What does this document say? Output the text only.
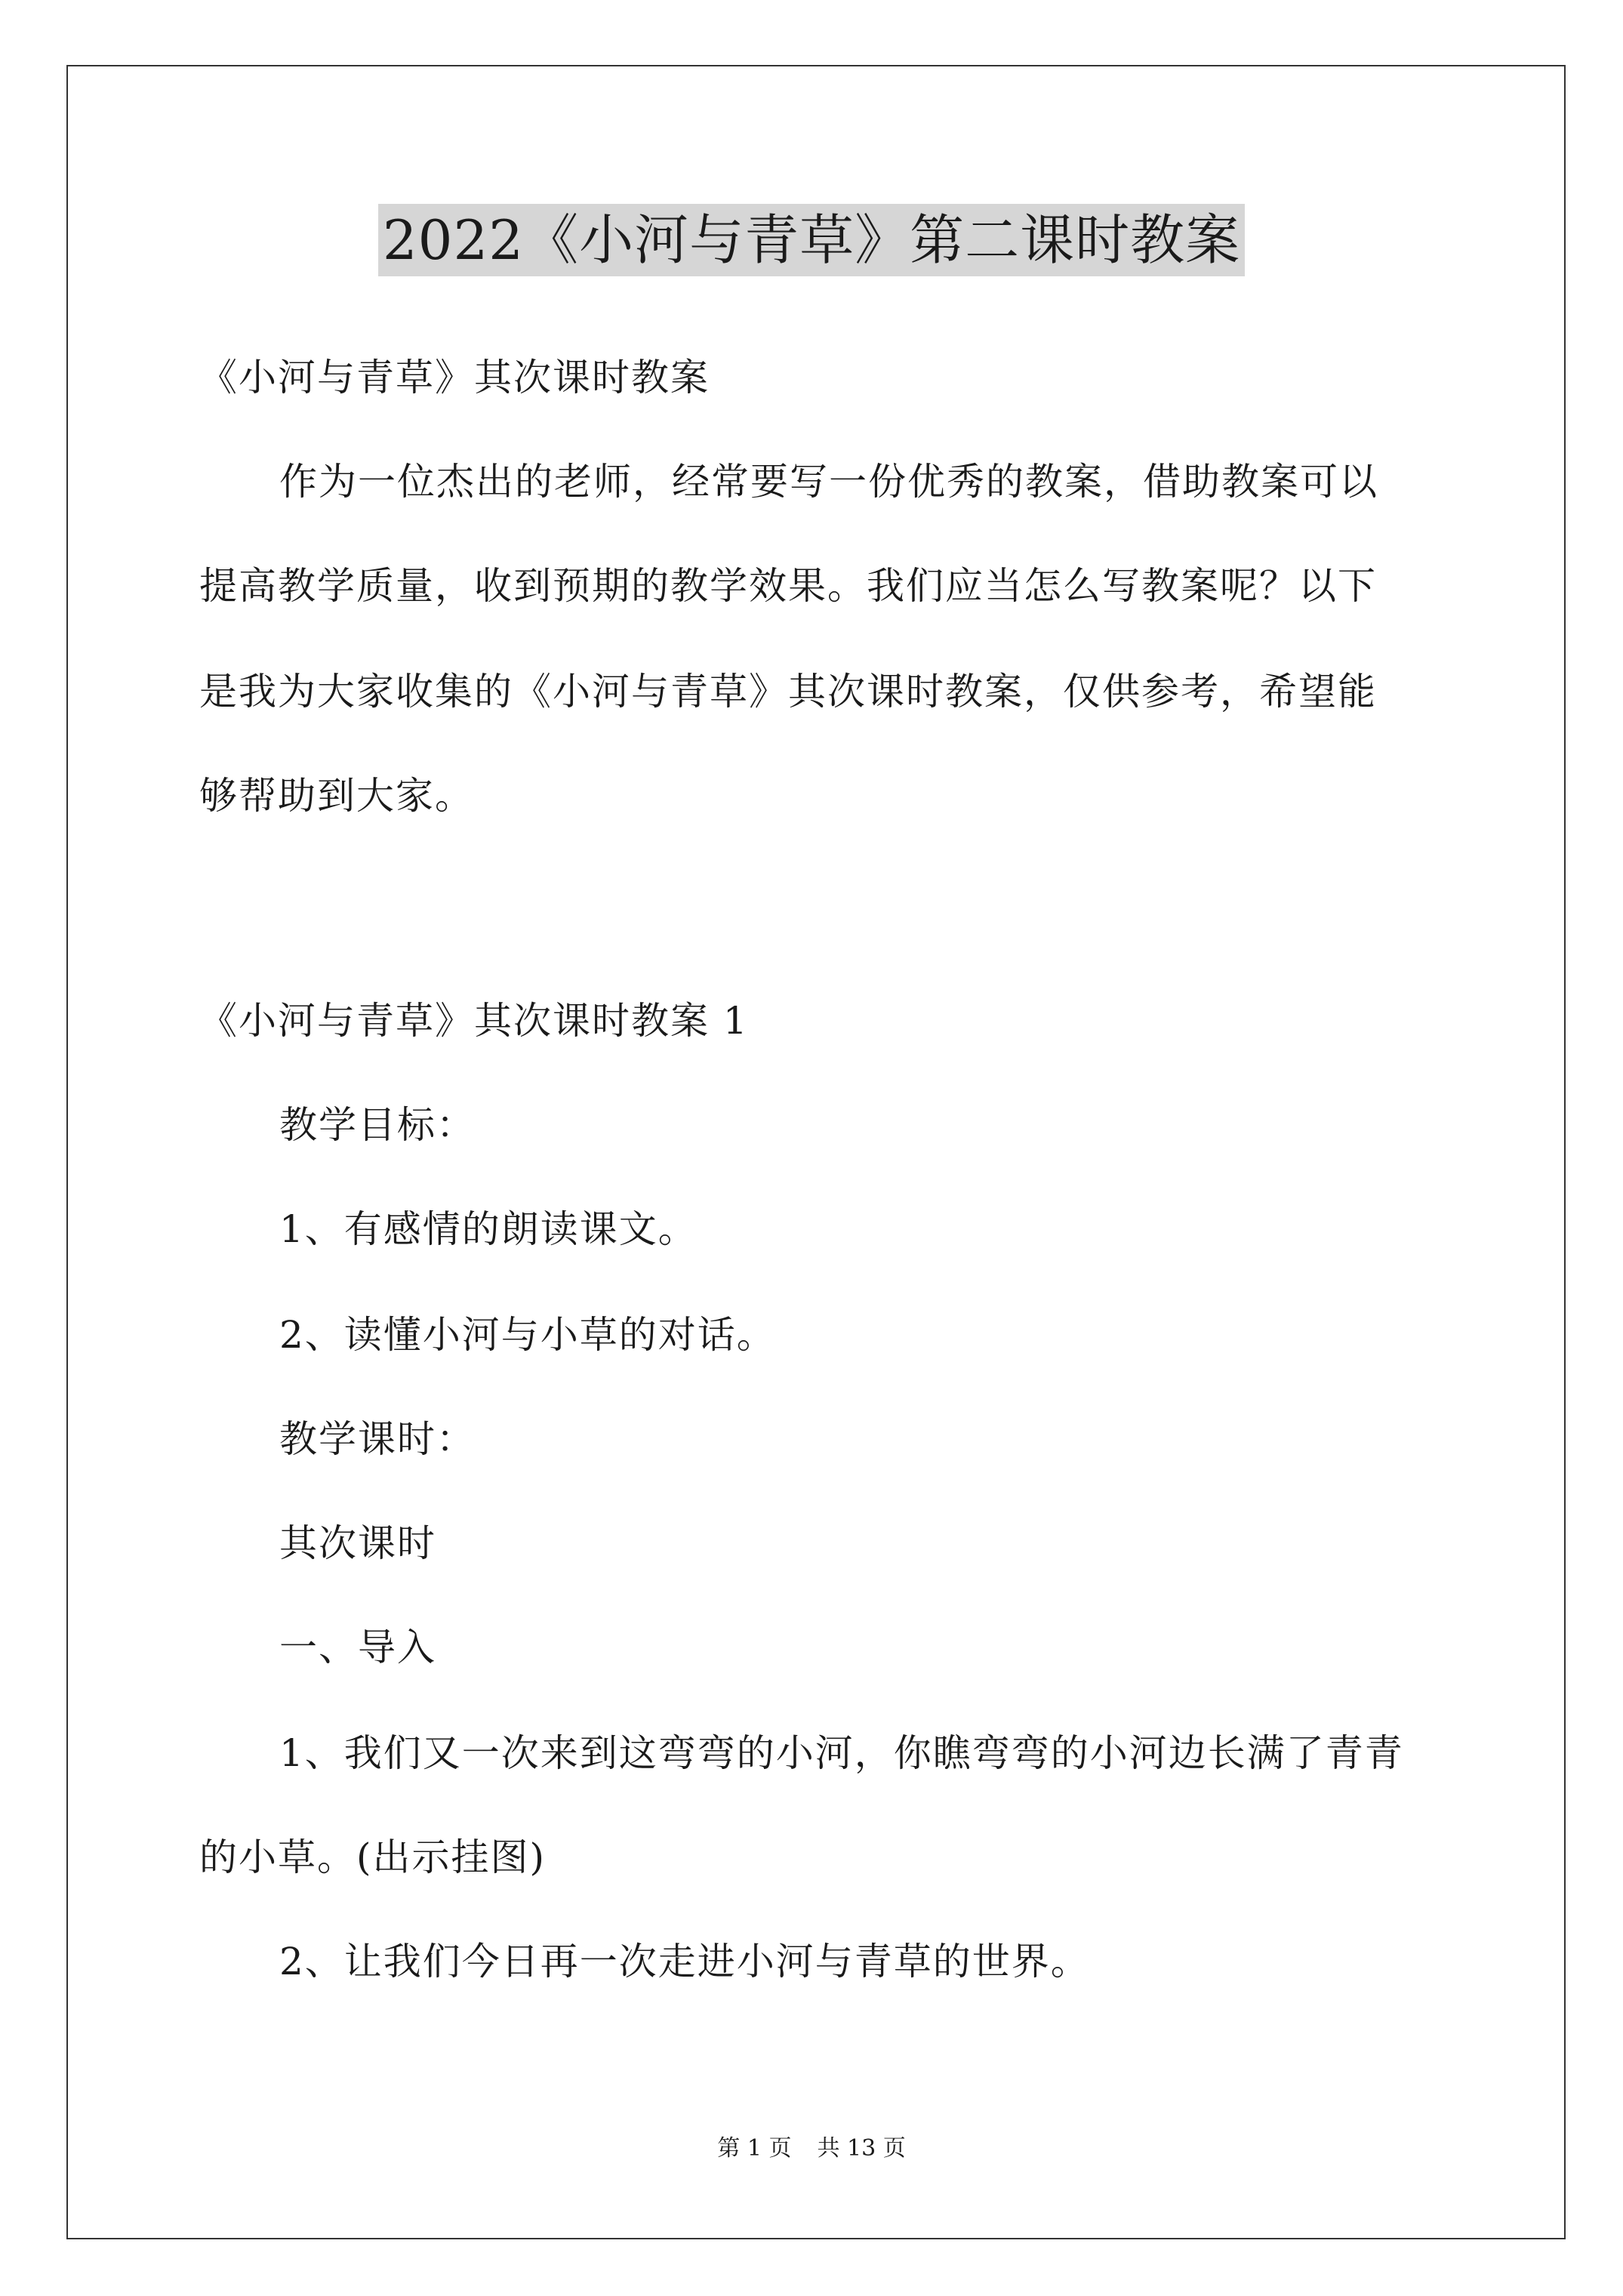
2022《小河与青草》第二课时教案
《小河与青草》其次课时教案
作为一位杰出的老师，经常要写一份优秀的教案，借助教案可以
提高教学质量，收到预期的教学效果。我们应当怎么写教案呢？以下
是我为大家收集的《小河与青草》其次课时教案，仅供参考，希望能
够帮助到大家。
《小河与青草》其次课时教案 1
教学目标：
1、有感情的朗读课文。
2、读懂小河与小草的对话。
教学课时：
其次课时
一、导入
1、我们又一次来到这弯弯的小河，你瞧弯弯的小河边长满了青青
的小草。(出示挂图)
2、让我们今日再一次走进小河与青草的世界。
第 1 页 共 13 页
